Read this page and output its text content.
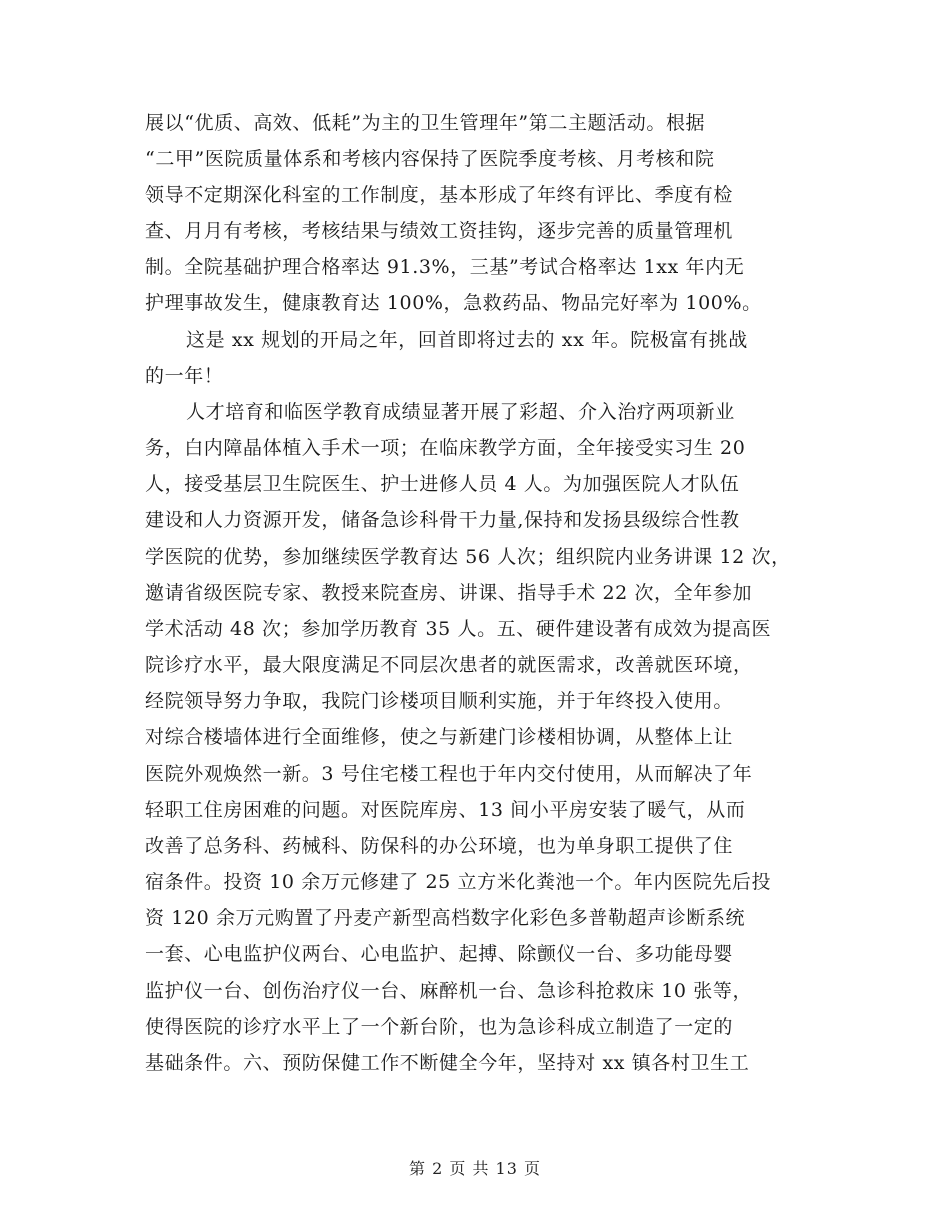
展以“优质、高效、低耗”为主的卫生管理年”第二主题活动。根据
“二甲”医院质量体系和考核内容保持了医院季度考核、月考核和院
领导不定期深化科室的工作制度，基本形成了年终有评比、季度有检
查、月月有考核，考核结果与绩效工资挂钩，逐步完善的质量管理机
制。全院基础护理合格率达 91.3%，三基”考试合格率达 1xx 年内无
护理事故发生，健康教育达 100%，急救药品、物品完好率为 100%。
这是 xx 规划的开局之年，回首即将过去的 xx 年。院极富有挑战
的一年！
人才培育和临医学教育成绩显著开展了彩超、介入治疗两项新业
务，白内障晶体植入手术一项；在临床教学方面，全年接受实习生 20
人，接受基层卫生院医生、护士进修人员 4 人。为加强医院人才队伍
建设和人力资源开发，储备急诊科骨干力量,保持和发扬县级综合性教
学医院的优势，参加继续医学教育达 56 人次；组织院内业务讲课 12 次，
邀请省级医院专家、教授来院查房、讲课、指导手术 22 次，全年参加
学术活动 48 次；参加学历教育 35 人。五、硬件建设著有成效为提高医
院诊疗水平，最大限度满足不同层次患者的就医需求，改善就医环境，
经院领导努力争取，我院门诊楼项目顺利实施，并于年终投入使用。
对综合楼墙体进行全面维修，使之与新建门诊楼相协调，从整体上让
医院外观焕然一新。3 号住宅楼工程也于年内交付使用，从而解决了年
轻职工住房困难的问题。对医院库房、13 间小平房安装了暖气，从而
改善了总务科、药械科、防保科的办公环境，也为单身职工提供了住
宿条件。投资 10 余万元修建了 25 立方米化粪池一个。年内医院先后投
资 120 余万元购置了丹麦产新型高档数字化彩色多普勒超声诊断系统
一套、心电监护仪两台、心电监护、起搏、除颤仪一台、多功能母婴
监护仪一台、创伤治疗仪一台、麻醉机一台、急诊科抢救床 10 张等，
使得医院的诊疗水平上了一个新台阶，也为急诊科成立制造了一定的
基础条件。六、预防保健工作不断健全今年，坚持对 xx 镇各村卫生工
第 2 页 共 13 页
